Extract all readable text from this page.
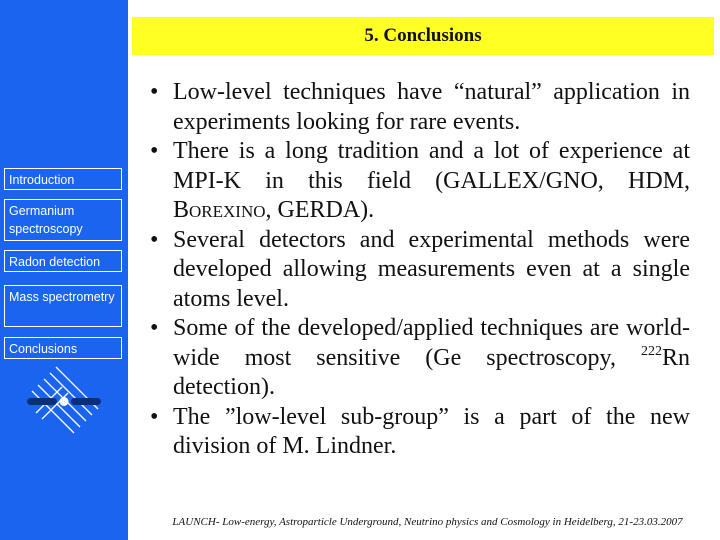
Introduction
Germanium spectroscopy
Radon detection
Mass spectrometry
Conclusions
5. Conclusions
• Low-level techniques have “natural” application in experiments looking for rare events.
• There is a long tradition and a lot of experience at MPI-K in this field (GALLEX/GNO, HDM, Borexino, GERDA).
• Several detectors and experimental methods were developed allowing measurements even at a single atoms level.
• Some of the developed/applied techniques are world-wide most sensitive (Ge spectroscopy, $^{222}$Rn detection).
• The ”low-level sub-group” is a part of the new division of M. Lindner.
LAUNCH- Low-energy, Astroparticle Underground, Neutrino physics and Cosmology in Heidelberg, 21-23.03.2007
